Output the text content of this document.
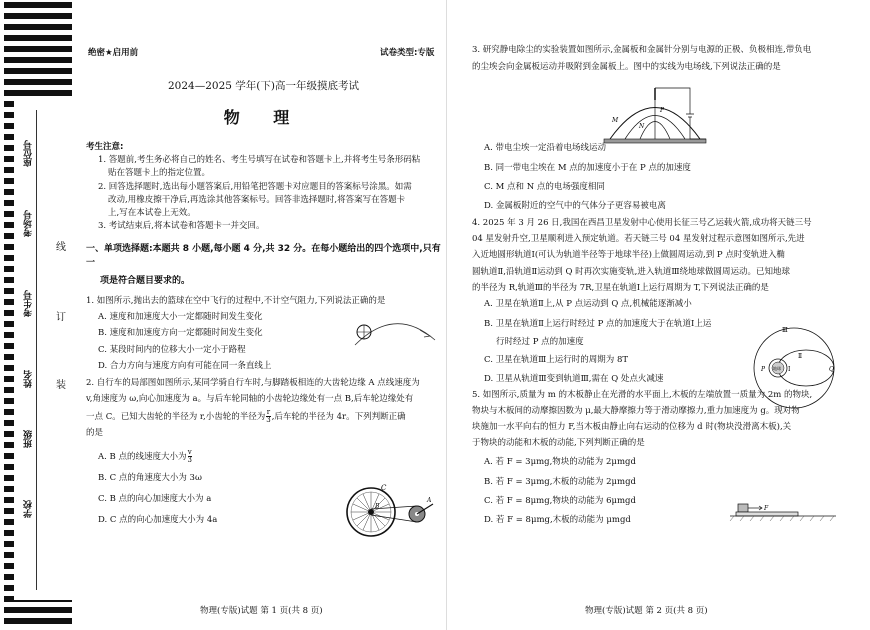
座位号
考场号
考生号
姓名
班级
学校
线
订
装
绝密★启用前	试卷类型:专版

2024—2025 学年(下)高一年级摸底考试

物 理

考生注意:

1. 答题前,考生务必将自己的姓名、考生号填写在试卷和答题卡上,并将考生号条形码粘

贴在答题卡上的指定位置。

2. 回答选择题时,选出每小题答案后,用铅笔把答题卡对应题目的答案标号涂黑。如需

改动,用橡皮擦干净后,再选涂其他答案标号。回答非选择题时,将答案写在答题卡

上,写在本试卷上无效。

3. 考试结束后,将本试卷和答题卡一并交回。

一、单项选择题:本题共 8 小题,每小题 4 分,共 32 分。在每小题给出的四个选项中,只有一

项是符合题目要求的。

1. 如图所示,抛出去的篮球在空中飞行的过程中,不计空气阻力,下列说法正确的是

A. 速度和加速度大小一定都随时间发生变化

B. 速度和加速度方向一定都随时间发生变化

C. 某段时间内的位移大小一定小于路程

D. 合力方向与速度方向有可能在同一条直线上

2. 自行车的局部图如图所示,某同学骑自行车时,与脚踏板相连的大齿轮边缘 A 点线速度为

v,角速度为 ω,向心加速度为 a。与后车轮同轴的小齿轮边缘处有一点 B,后车轮边缘处有

一点 C。已知大齿轮的半径为 r,小齿轮的半径为 $\frac{r}{3}$ ,后车轮的半径为 4r。下列判断正确

的是

A. B 点的线速度大小为 $\frac{v}{3}$

B. C 点的角速度大小为 3ω

C. B 点的向心加速度大小为 a

D. C 点的向心加速度大小为 4a

C
B
A
物理(专版)试题 第 1 页(共 8 页)

3. 研究静电除尘的实验装置如图所示,金属板和金属针分别与电源的正极、负极相连,带负电

的尘埃会向金属板运动并吸附到金属板上。图中的实线为电场线,下列说法正确的是

A. 带电尘埃一定沿着电场线运动

B. 同一带电尘埃在 M 点的加速度小于在 P 点的加速度

C. M 点和 N 点的电场强度相同

D. 金属板附近的空气中的气体分子更容易被电离

4. 2025 年 3 月 26 日,我国在西昌卫星发射中心使用长征三号乙运载火箭,成功将天链三号

04 星发射升空,卫星顺利进入预定轨道。若天链三号 04 星发射过程示意图如图所示,先进

入近地圆形轨道Ⅰ(可认为轨道半径等于地球半径)上做圆周运动,到 P 点时变轨进入椭

圆轨道Ⅱ,沿轨道Ⅱ运动到 Q 时再次实施变轨,进入轨道Ⅲ绕地球做圆周运动。已知地球

的半径为 R,轨道Ⅲ的半径为 7R,卫星在轨道Ⅰ上运行周期为 T,下列说法正确的是

A. 卫星在轨道Ⅱ上,从 P 点运动到 Q 点,机械能逐渐减小

B. 卫星在轨道Ⅱ上运行时经过 P 点的加速度大于在轨道Ⅰ上运

行时经过 P 点的加速度

C. 卫星在轨道Ⅲ上运行时的周期为 8T

D. 卫星从轨道Ⅲ变到轨道Ⅲ,需在 Q 处点火减速

5. 如图所示,质量为 m 的木板静止在光滑的水平面上,木板的左端放置一质量为 2m 的物块,

物块与木板间的动摩擦因数为 μ,最大静摩擦力等于滑动摩擦力,重力加速度为 g。现对物

块施加一水平向右的恒力 F,当木板由静止向右运动的位移为 d 时(物块没滑离木板),关

于物块的动能和木板的动能,下列判断正确的是

A. 若 F = 3μmg,物块的动能为 2μmgd

B. 若 F = 3μmg,木板的动能为 2μmgd

C. 若 F = 8μmg,物块的动能为 6μmgd

D. 若 F = 8μmg,木板的动能为 μmgd

M
N
P
Ⅲ
Ⅱ
P 地球 Ⅰ	Q
F
物理(专版)试题 第 2 页(共 8 页)
